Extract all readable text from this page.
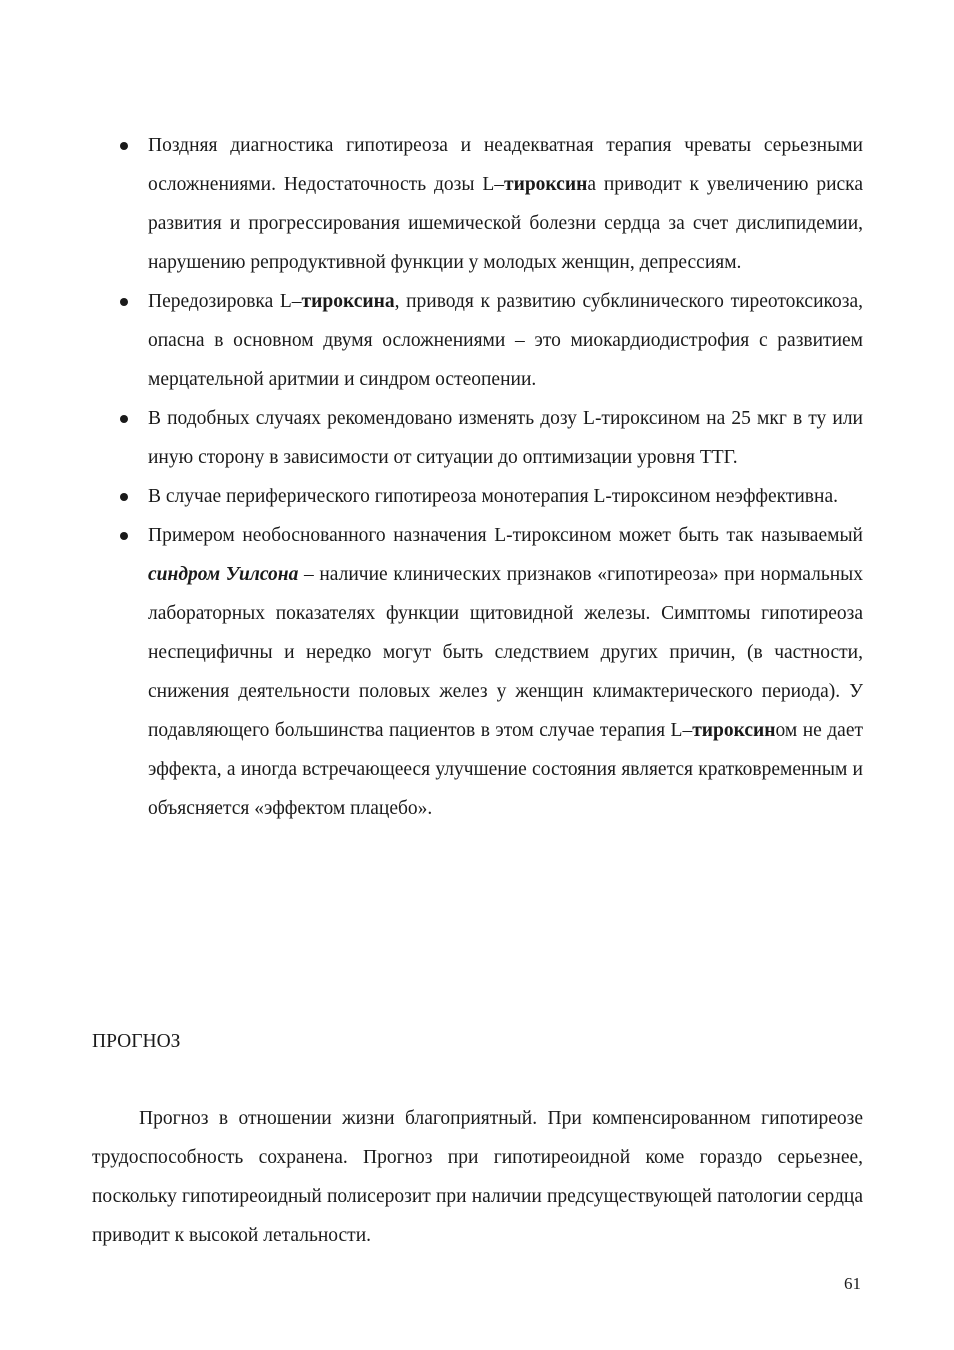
Поздняя диагностика гипотиреоза и неадекватная терапия чреваты серьезными осложнениями. Недостаточность дозы L–тироксина приводит к увеличению риска развития и прогрессирования ишемической болезни сердца за счет дислипидемии, нарушению репродуктивной функции у молодых женщин, депрессиям.
Передозировка L–тироксина, приводя к развитию субклинического тиреотоксикоза, опасна в основном двумя осложнениями – это миокардиодистрофия с развитием мерцательной аритмии и синдром остеопении.
В подобных случаях рекомендовано изменять дозу L-тироксином на 25 мкг в ту или иную сторону в зависимости от ситуации до оптимизации уровня ТТГ.
В случае периферического гипотиреоза монотерапия L-тироксином неэффективна.
Примером необоснованного назначения L-тироксином может быть так называемый синдром Уилсона – наличие клинических признаков «гипотиреоза» при нормальных лабораторных показателях функции щитовидной железы. Симптомы гипотиреоза неспецифичны и нередко могут быть следствием других причин, (в частности, снижения деятельности половых желез у женщин климактерического периода). У подавляющего большинства пациентов в этом случае терапия L–тироксином не дает эффекта, а иногда встречающееся улучшение состояния является кратковременным и объясняется «эффектом плацебо».
ПРОГНОЗ

Прогноз в отношении жизни благоприятный. При компенсированном гипотиреозе трудоспособность сохранена. Прогноз при гипотиреоидной коме гораздо серьезнее, поскольку гипотиреоидный полисерозит при наличии предсуществующей патологии сердца приводит к высокой летальности.

61
